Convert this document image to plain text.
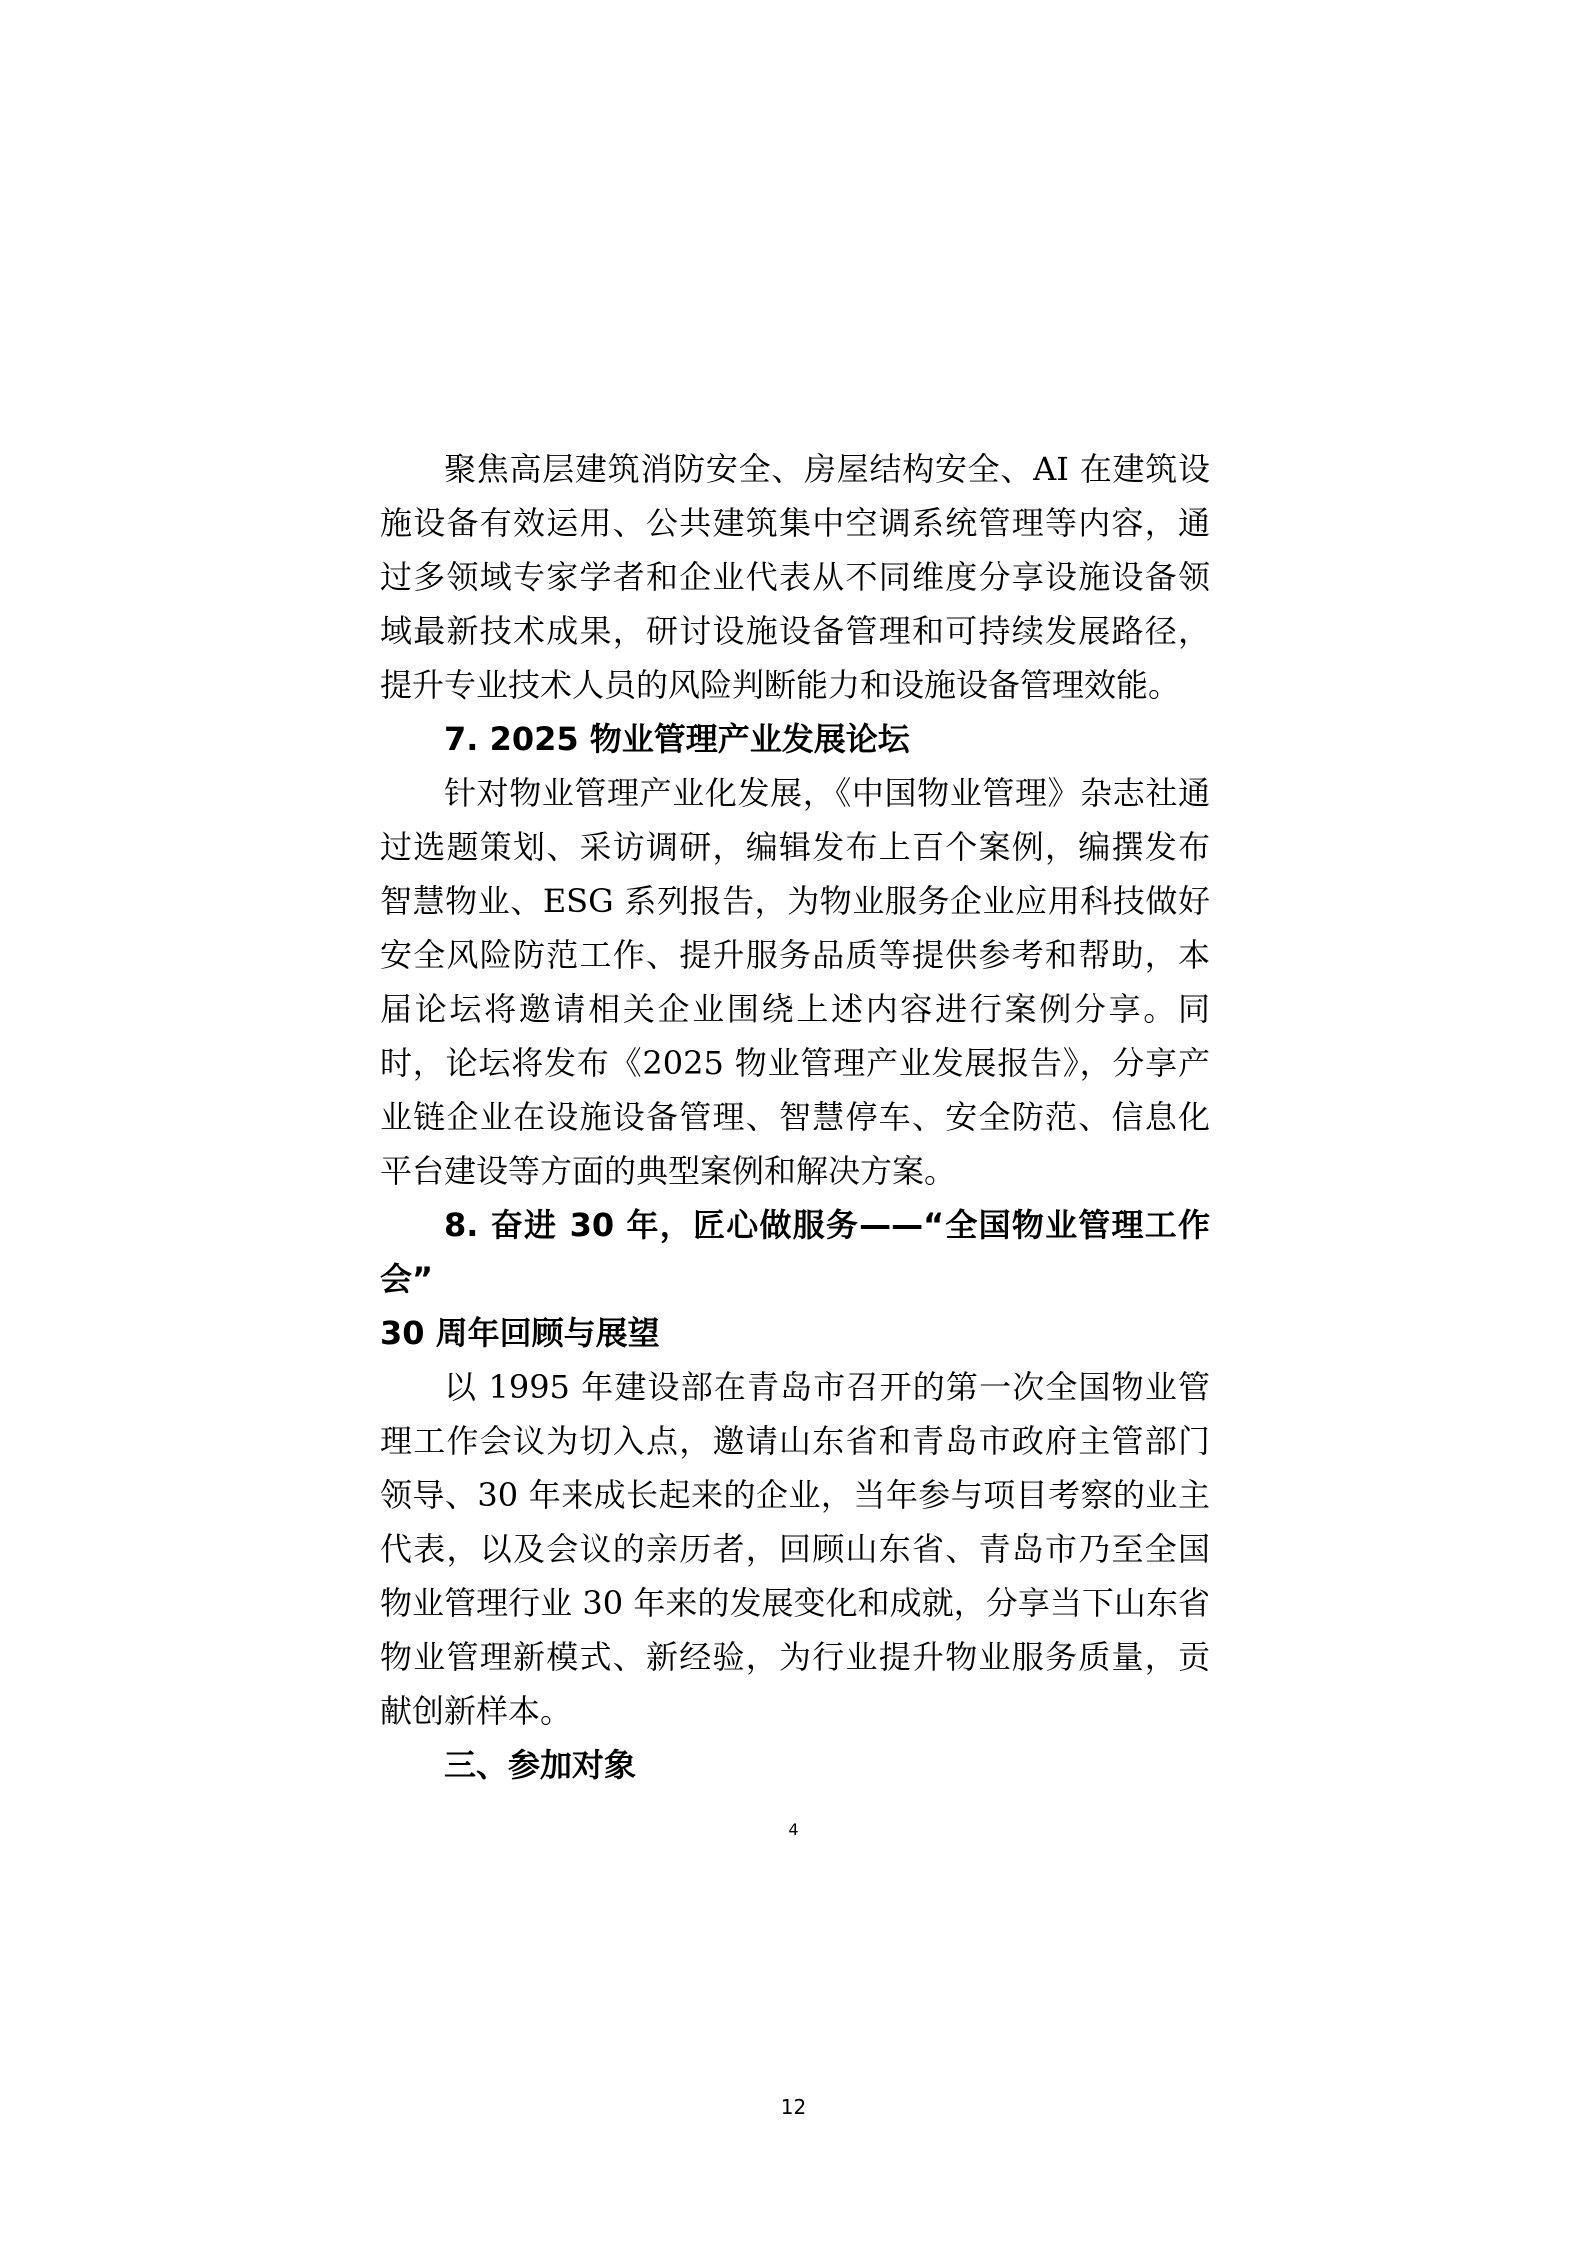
聚焦高层建筑消防安全、房屋结构安全、AI 在建筑设施设备有效运用、公共建筑集中空调系统管理等内容，通过多领域专家学者和企业代表从不同维度分享设施设备领域最新技术成果，研讨设施设备管理和可持续发展路径，提升专业技术人员的风险判断能力和设施设备管理效能。

7. 2025 物业管理产业发展论坛

针对物业管理产业化发展，《中国物业管理》杂志社通过选题策划、采访调研，编辑发布上百个案例，编撰发布智慧物业、ESG 系列报告，为物业服务企业应用科技做好安全风险防范工作、提升服务品质等提供参考和帮助，本届论坛将邀请相关企业围绕上述内容进行案例分享。同时，论坛将发布《2025 物业管理产业发展报告》，分享产业链企业在设施设备管理、智慧停车、安全防范、信息化平台建设等方面的典型案例和解决方案。

8. 奋进 30 年，匠心做服务——“全国物业管理工作会”

30 周年回顾与展望

以 1995 年建设部在青岛市召开的第一次全国物业管理工作会议为切入点，邀请山东省和青岛市政府主管部门领导、30 年来成长起来的企业，当年参与项目考察的业主代表，以及会议的亲历者，回顾山东省、青岛市乃至全国物业管理行业 30 年来的发展变化和成就，分享当下山东省物业管理新模式、新经验，为行业提升物业服务质量，贡献创新样本。

三、参加对象

4
12
